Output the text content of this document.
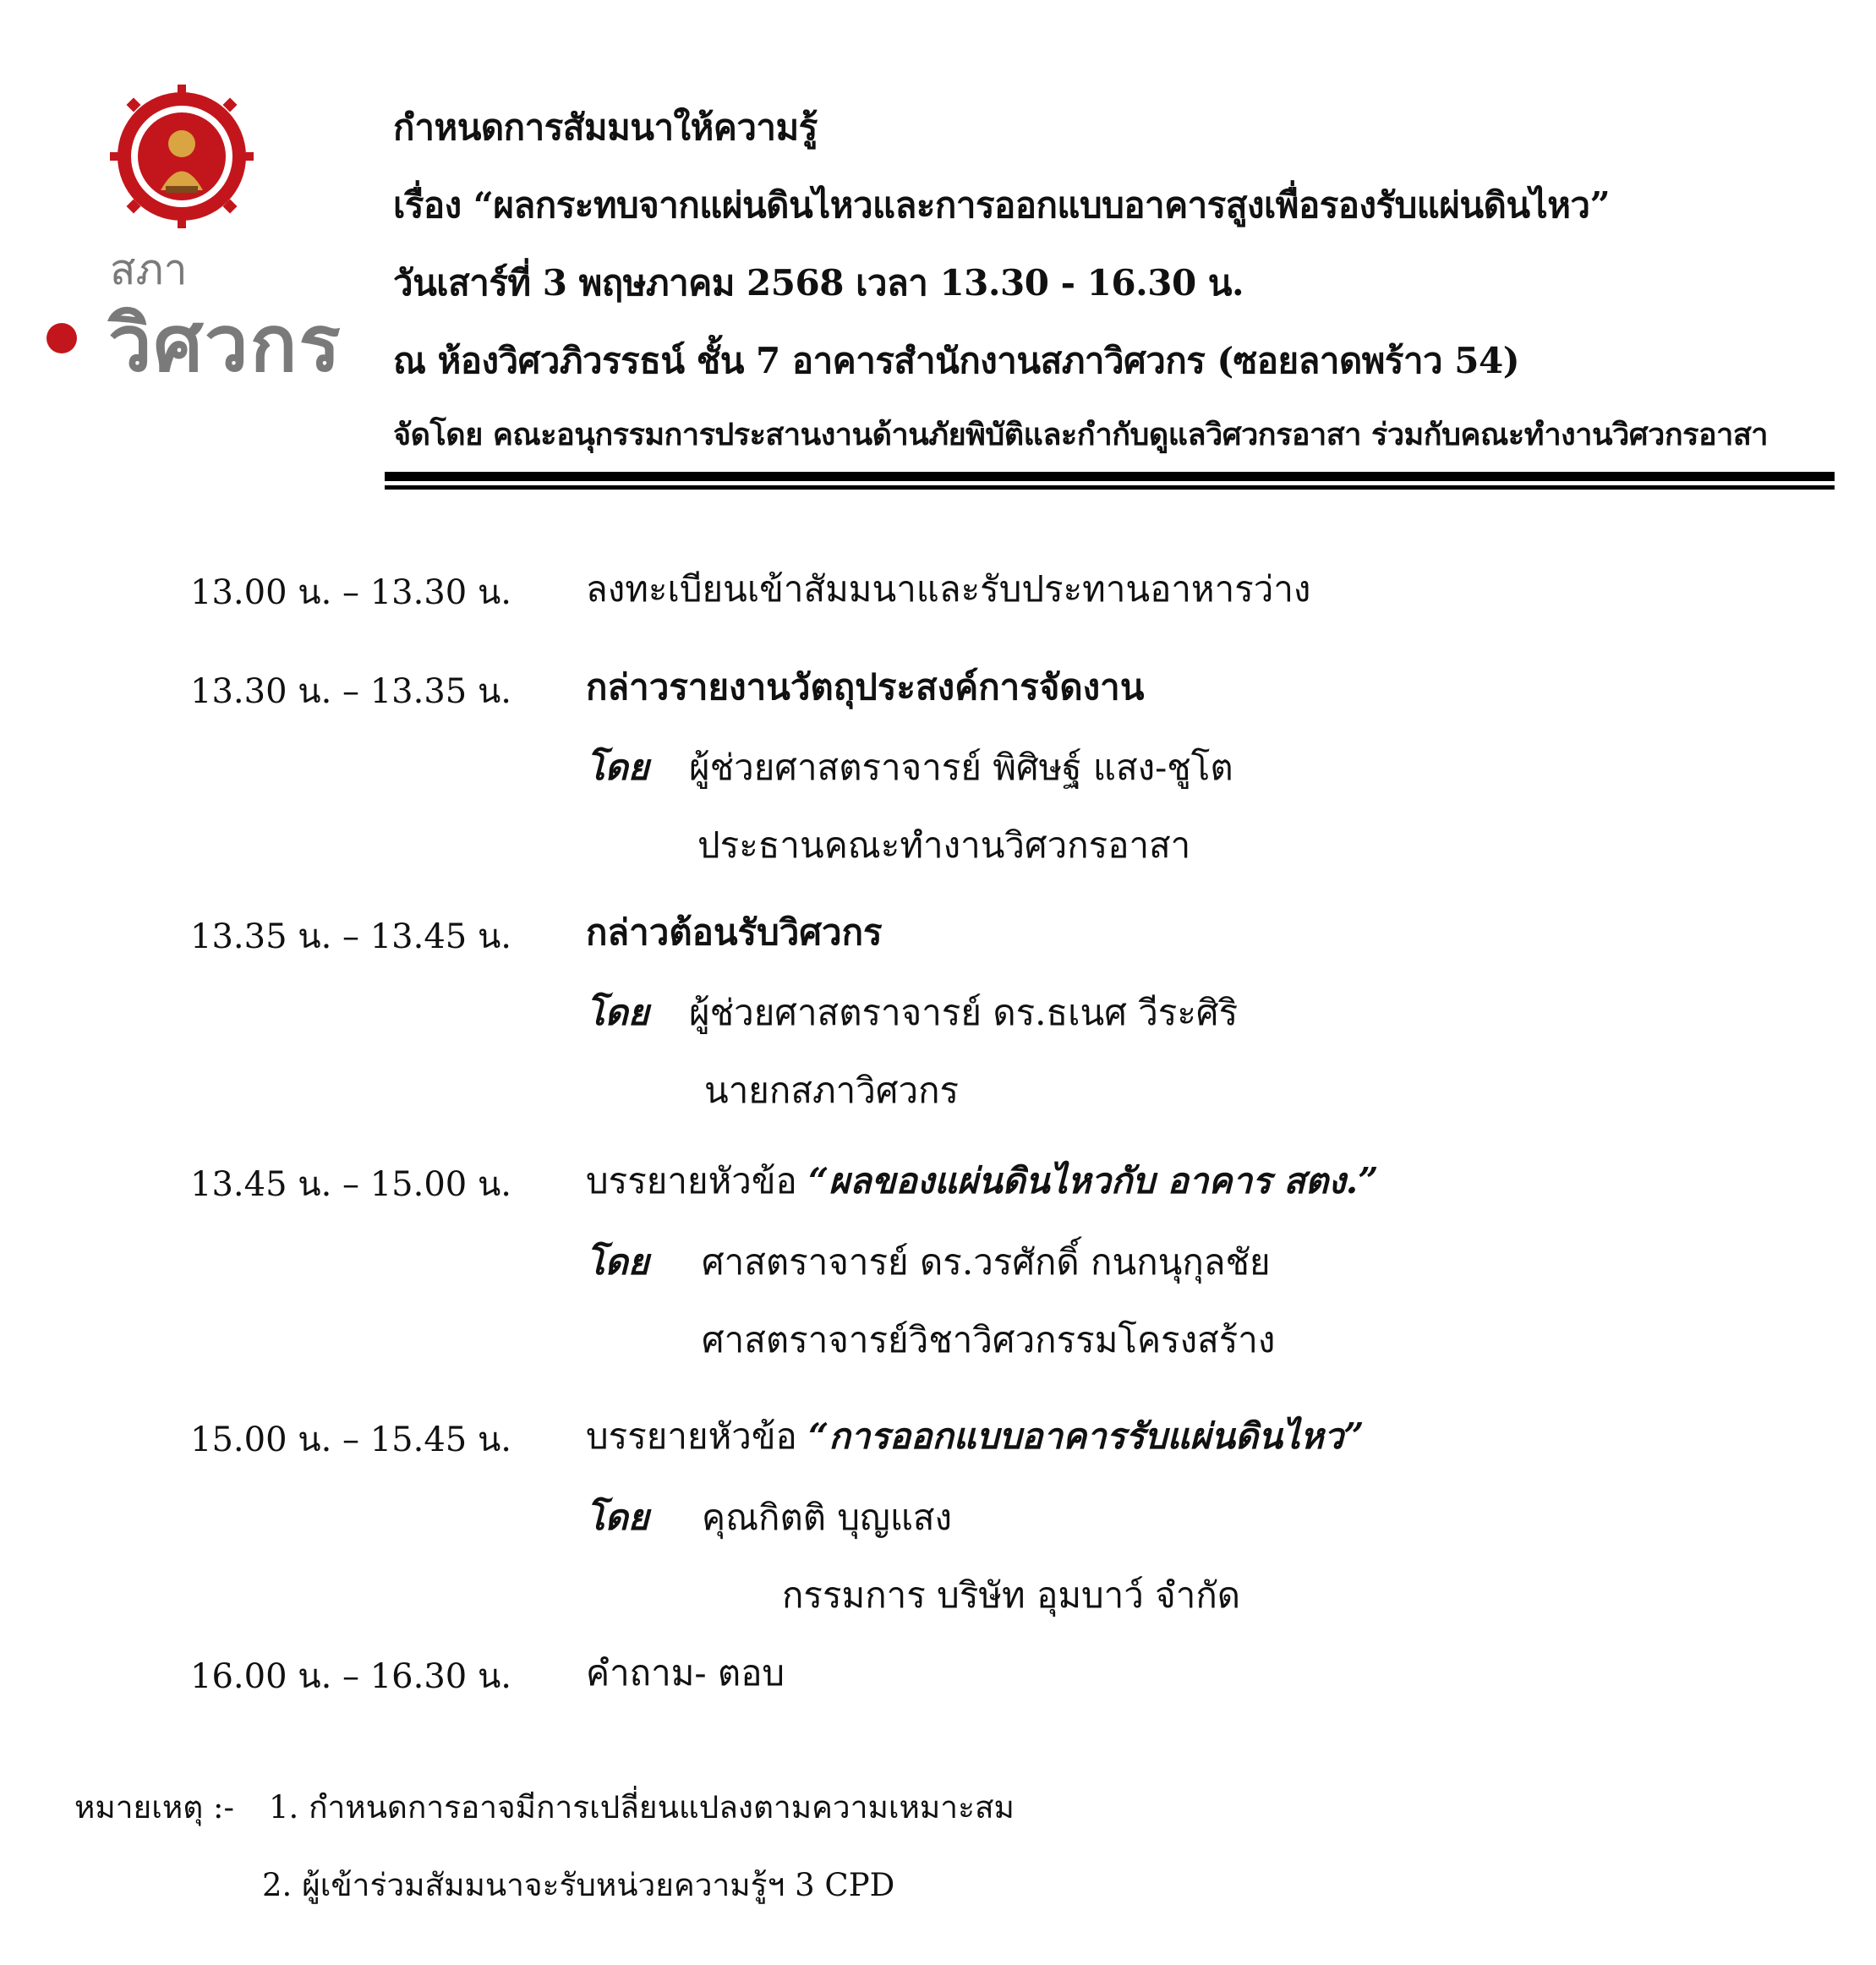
สภา
วิศวกร
กำหนดการสัมมนาให้ความรู้
เรื่อง “ผลกระทบจากแผ่นดินไหวและการออกแบบอาคารสูงเพื่อรองรับแผ่นดินไหว”
วันเสาร์ที่ 3 พฤษภาคม 2568 เวลา 13.30 - 16.30 น.
ณ ห้องวิศวภิวรรธน์ ชั้น 7 อาคารสำนักงานสภาวิศวกร (ซอยลาดพร้าว 54)
จัดโดย คณะอนุกรรมการประสานงานด้านภัยพิบัติและกำกับดูแลวิศวกรอาสา ร่วมกับคณะทำงานวิศวกรอาสา
13.00 น. – 13.30 น. ลงทะเบียนเข้าสัมมนาและรับประทานอาหารว่าง
13.30 น. – 13.35 น. กล่าวรายงานวัตถุประสงค์การจัดงาน
โดย ผู้ช่วยศาสตราจารย์ พิศิษฐ์ แสง-ชูโต
ประธานคณะทำงานวิศวกรอาสา
13.35 น. – 13.45 น. กล่าวต้อนรับวิศวกร
โดย ผู้ช่วยศาสตราจารย์ ดร.ธเนศ วีระศิริ
นายกสภาวิศวกร
13.45 น. – 15.00 น. บรรยายหัวข้อ “ผลของแผ่นดินไหวกับ อาคาร สตง.”
โดย ศาสตราจารย์ ดร.วรศักดิ์ กนกนุกุลชัย
ศาสตราจารย์วิชาวิศวกรรมโครงสร้าง
15.00 น. – 15.45 น. บรรยายหัวข้อ “การออกแบบอาคารรับแผ่นดินไหว”
โดย คุณกิตติ บุญแสง
กรรมการ บริษัท อุมบาว์ จำกัด
16.00 น. – 16.30 น. คำถาม- ตอบ
หมายเหตุ :- 1. กำหนดการอาจมีการเปลี่ยนแปลงตามความเหมาะสม
2. ผู้เข้าร่วมสัมมนาจะรับหน่วยความรู้ฯ 3 CPD
